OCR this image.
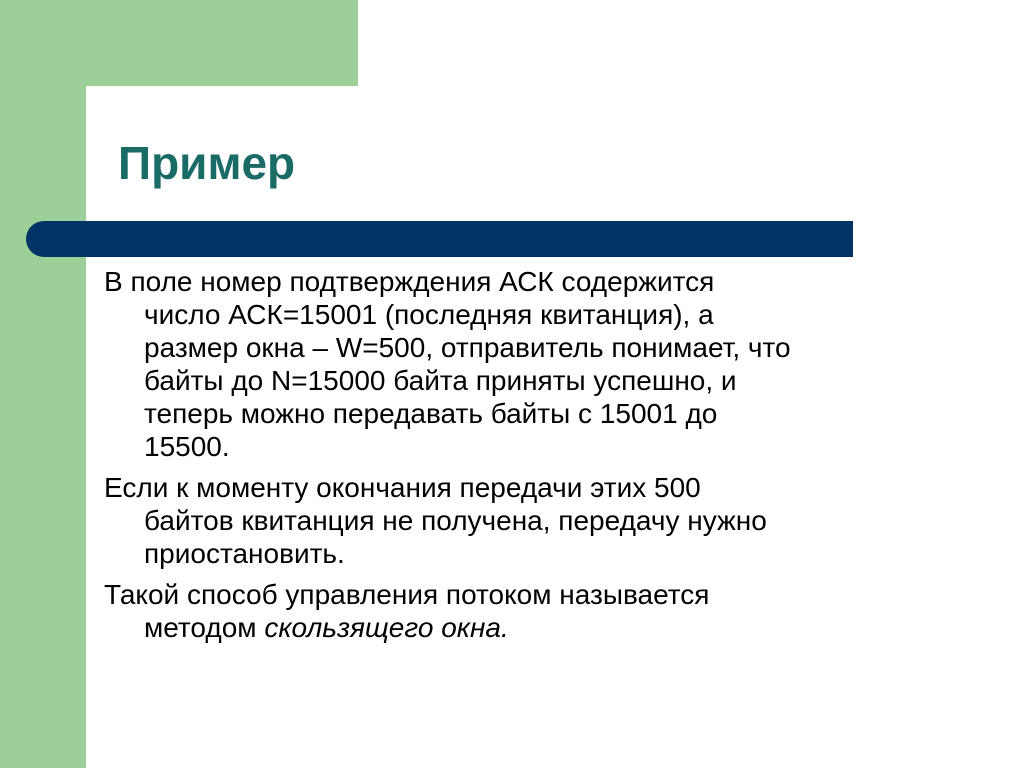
Пример

В поле номер подтверждения АСК содержится
число АСК=15001 (последняя квитанция), а
размер окна – W=500, отправитель понимает, что
байты до N=15000 байта приняты успешно, и
теперь можно передавать байты с 15001 до
15500.

Если к моменту окончания передачи этих 500
байтов квитанция не получена, передачу нужно
приостановить.

Такой способ управления потоком называется
методом скользящего окна.
